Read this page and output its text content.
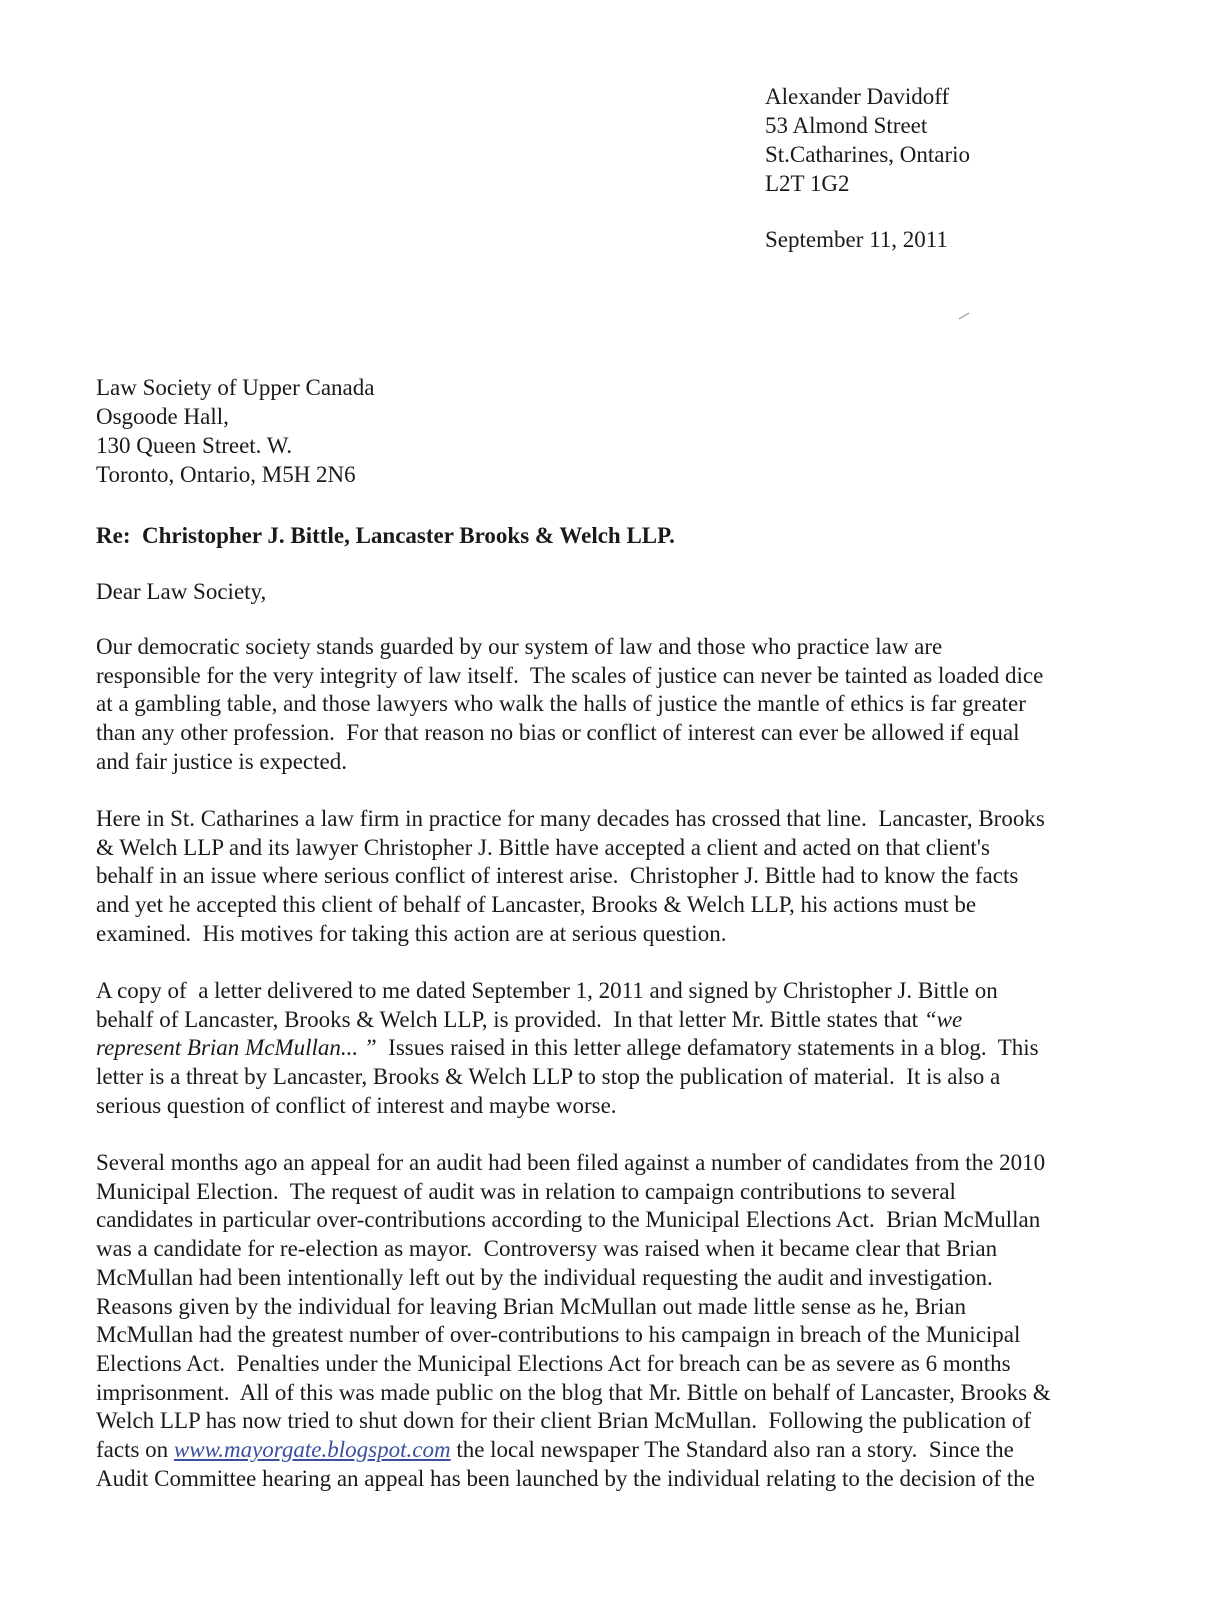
Alexander Davidoff
53 Almond Street
St.Catharines, Ontario
L2T 1G2
September 11, 2011
Law Society of Upper Canada
Osgoode Hall,
130 Queen Street. W.
Toronto, Ontario, M5H 2N6
Re:  Christopher J. Bittle, Lancaster Brooks & Welch LLP.
Dear Law Society,
Our democratic society stands guarded by our system of law and those who practice law are
responsible for the very integrity of law itself.  The scales of justice can never be tainted as loaded dice
at a gambling table, and those lawyers who walk the halls of justice the mantle of ethics is far greater
than any other profession.  For that reason no bias or conflict of interest can ever be allowed if equal
and fair justice is expected.
Here in St. Catharines a law firm in practice for many decades has crossed that line.  Lancaster, Brooks
& Welch LLP and its lawyer Christopher J. Bittle have accepted a client and acted on that client's
behalf in an issue where serious conflict of interest arise.  Christopher J. Bittle had to know the facts
and yet he accepted this client of behalf of Lancaster, Brooks & Welch LLP, his actions must be
examined.  His motives for taking this action are at serious question.
A copy of  a letter delivered to me dated September 1, 2011 and signed by Christopher J. Bittle on
behalf of Lancaster, Brooks & Welch LLP, is provided.  In that letter Mr. Bittle states that “we
represent Brian McMullan... ”  Issues raised in this letter allege defamatory statements in a blog.  This
letter is a threat by Lancaster, Brooks & Welch LLP to stop the publication of material.  It is also a
serious question of conflict of interest and maybe worse.
Several months ago an appeal for an audit had been filed against a number of candidates from the 2010
Municipal Election.  The request of audit was in relation to campaign contributions to several
candidates in particular over-contributions according to the Municipal Elections Act.  Brian McMullan
was a candidate for re-election as mayor.  Controversy was raised when it became clear that Brian
McMullan had been intentionally left out by the individual requesting the audit and investigation.
Reasons given by the individual for leaving Brian McMullan out made little sense as he, Brian
McMullan had the greatest number of over-contributions to his campaign in breach of the Municipal
Elections Act.  Penalties under the Municipal Elections Act for breach can be as severe as 6 months
imprisonment.  All of this was made public on the blog that Mr. Bittle on behalf of Lancaster, Brooks &
Welch LLP has now tried to shut down for their client Brian McMullan.  Following the publication of
facts on www.mayorgate.blogspot.com the local newspaper The Standard also ran a story.  Since the
Audit Committee hearing an appeal has been launched by the individual relating to the decision of the
